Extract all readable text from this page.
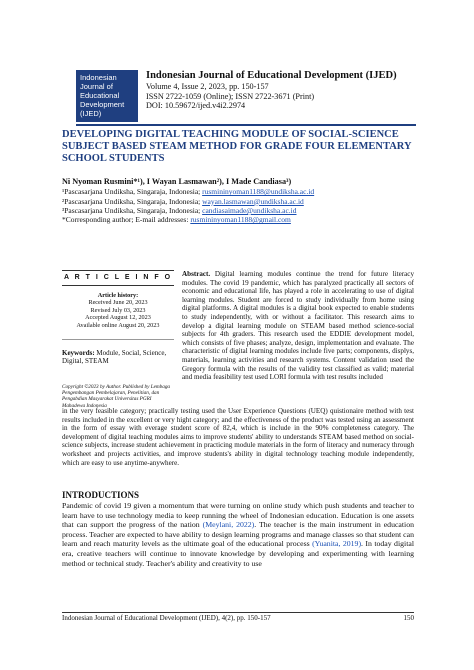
Indonesian
Journal of
Educational
Development
(IJED)
Indonesian Journal of Educational Development (IJED)
Volume 4, Issue 2, 2023, pp. 150-157
ISSN 2722-1059 (Online); ISSN 2722-3671 (Print)
DOI: 10.59672/ijed.v4i2.2974
DEVELOPING DIGITAL TEACHING MODULE OF SOCIAL-SCIENCE SUBJECT BASED STEAM METHOD FOR GRADE FOUR ELEMENTARY SCHOOL STUDENTS
Ni Nyoman Rusmini*¹), I Wayan Lasmawan²), I Made Candiasa³)
¹Pascasarjana Undiksha, Singaraja, Indonesia; rusmininyoman1188@undiksha.ac.id
²Pascasarjana Undiksha, Singaraja, Indonesia; wayan.lasmawan@undiksha.ac.id
³Pascasarjana Undiksha, Singaraja, Indonesia; candiasaimade@undiksha.ac.id
*Corresponding author; E-mail addresses: rusmininyoman1188@gmail.com
A R T I C L E I N F O
Article history:
Received June 20, 2023
Revised July 03, 2023
Accepted August 12, 2023
Available online August 20, 2023
Keywords: Module, Social, Science, Digital, STEAM
Copyright ©2023 by Author. Published by Lembaga Pengembangan Pembelajaran, Penelitian, dan Pengabdian Masyarakat Universitas PGRI Mahadewa Indonesia
Abstract. Digital learning modules continue the trend for future literacy modules. The covid 19 pandemic, which has paralyzed practically all sectors of economic and educational life, has played a role in accelerating to use of digital learning modules. Student are forced to study individually from home using digital platforms. A digital modules is a digital book expected to enable students to study independently, with or without a facilitator. This research aims to develop a digital learning module on STEAM based method science-social subjects for 4th graders. This research used the EDDIE development model, which consists of five phases; analyze, design, implementation and evaluate. The characteristic of digital learning modules include five parts; components, displys, materials, learning activities and research systems. Content validation used the Gregory formula with the results of the validity test classified as valid; material and media feasibility test used LORI formula with test results included
in the very feasible category; practically testing used the User Experience Questions (UEQ) quistionaire method with test results included in the excellent or very hight category; and the effectiveness of the product was tested using an assessment in the form of essay with everage student score of 82,4, which is include in the 90% completeness category. The development of digital teaching modules aims to improve students' ability to understands STEAM based method on social-science subjects, increase student achievement in practicing module materials in the form of literacy and numeracy through worksheet and projects activities, and improve students's ability in digital technology teaching module independently, which are easy to use anytime-anywhere.
INTRODUCTIONS
Pandemic of covid 19 given a momentum that were turning on online study which push students and teacher to learn have to use technology media to keep running the wheel of Indonesian education. Education is one assets that can support the progress of the nation (Meylani, 2022). The teacher is the main instrument in education process. Teacher are expected to have ability to design learning programs and manage classes so that student can learn and reach maturity levels as the ultimate goal of the educational process (Yuanita, 2019). In today digital era, creative teachers will continue to innovate knowledge by developing and experimenting with learning method or technical study. Teacher's ability and creativity to use
Indonesian Journal of Educational Development (IJED), 4(2), pp. 150-157	150
